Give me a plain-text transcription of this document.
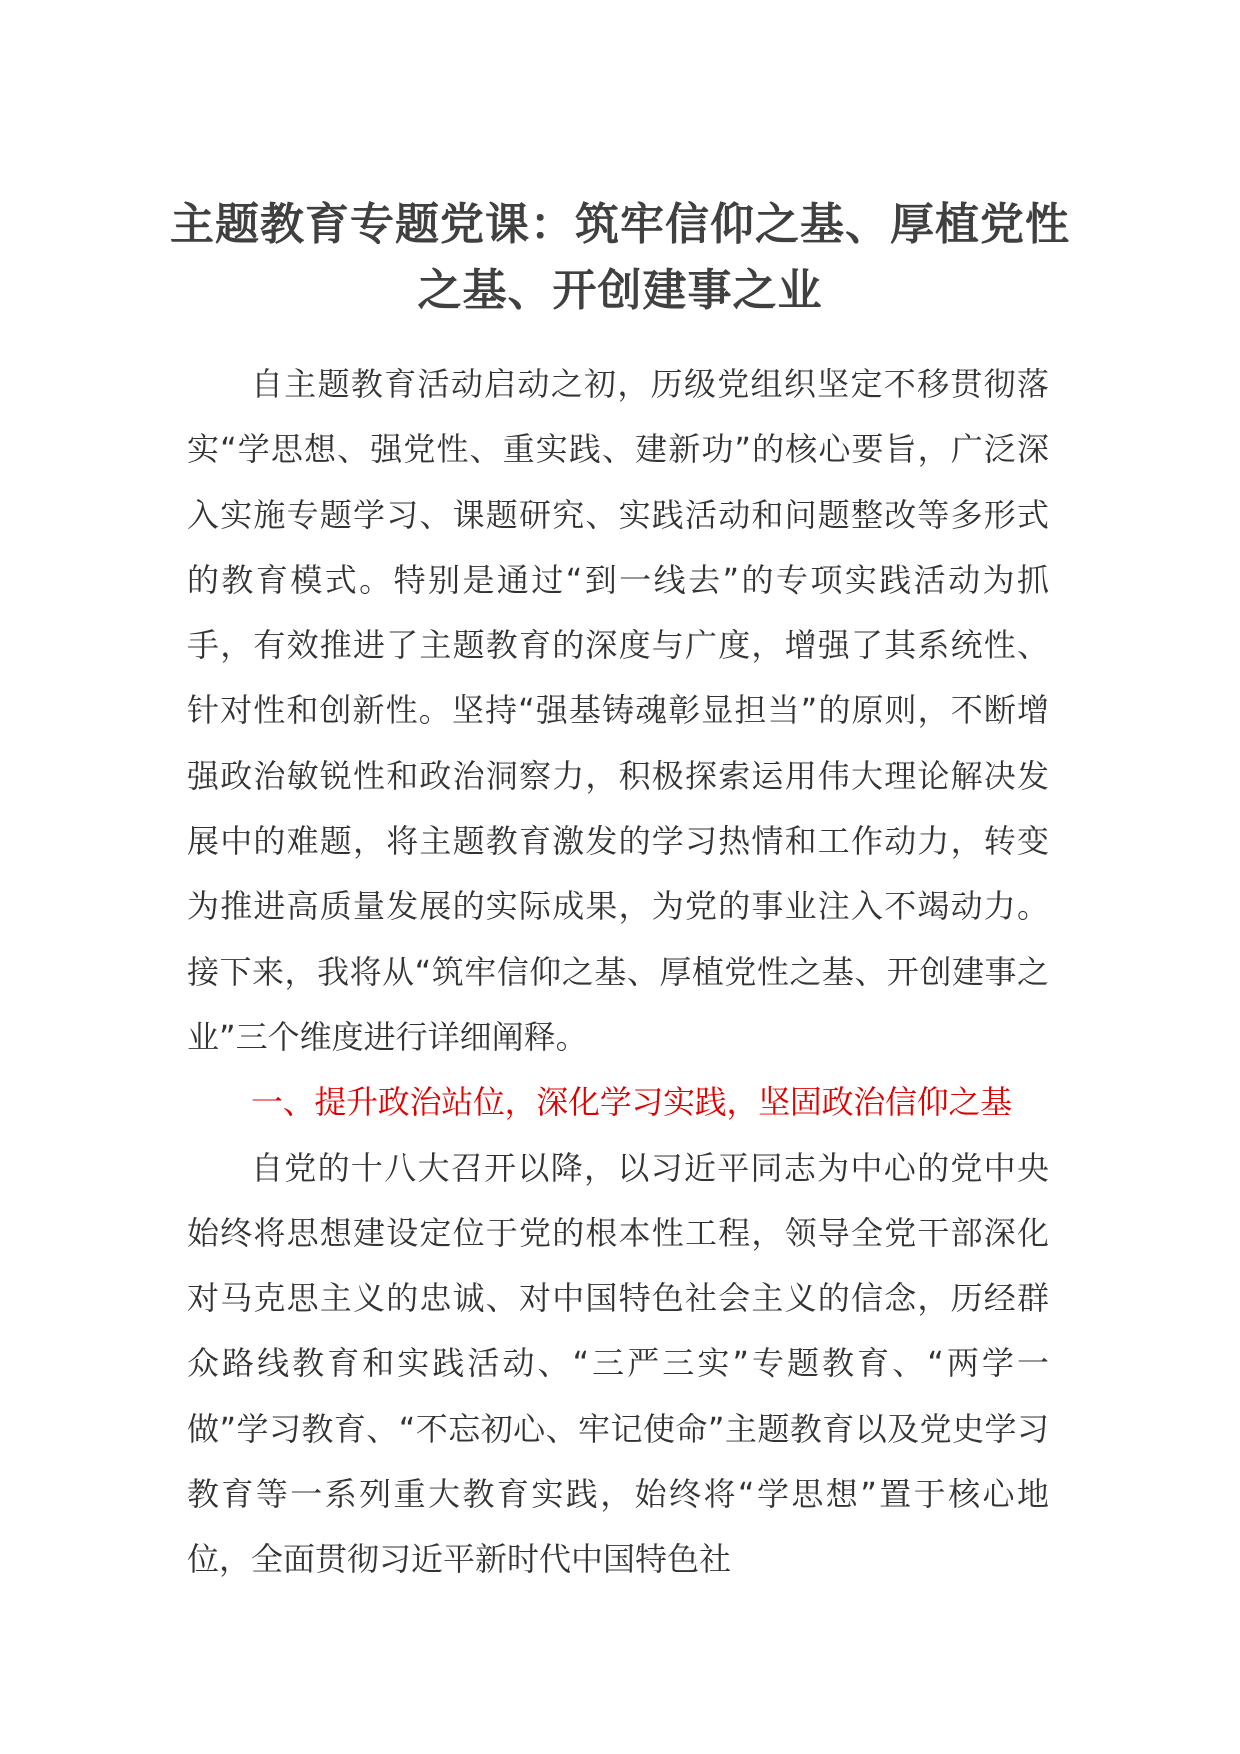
主题教育专题党课：筑牢信仰之基、厚植党性之基、开创建事之业

自主题教育活动启动之初，历级党组织坚定不移贯彻落实“学思想、强党性、重实践、建新功”的核心要旨，广泛深入实施专题学习、课题研究、实践活动和问题整改等多形式的教育模式。特别是通过“到一线去”的专项实践活动为抓手，有效推进了主题教育的深度与广度，增强了其系统性、针对性和创新性。坚持“强基铸魂彰显担当”的原则，不断增强政治敏锐性和政治洞察力，积极探索运用伟大理论解决发展中的难题，将主题教育激发的学习热情和工作动力，转变为推进高质量发展的实际成果，为党的事业注入不竭动力。接下来，我将从“筑牢信仰之基、厚植党性之基、开创建事之业”三个维度进行详细阐释。

一、提升政治站位，深化学习实践，坚固政治信仰之基

自党的十八大召开以降，以习近平同志为中心的党中央始终将思想建设定位于党的根本性工程，领导全党干部深化对马克思主义的忠诚、对中国特色社会主义的信念，历经群众路线教育和实践活动、“三严三实”专题教育、“两学一做”学习教育、“不忘初心、牢记使命”主题教育以及党史学习教育等一系列重大教育实践，始终将“学思想”置于核心地位，全面贯彻习近平新时代中国特色社
